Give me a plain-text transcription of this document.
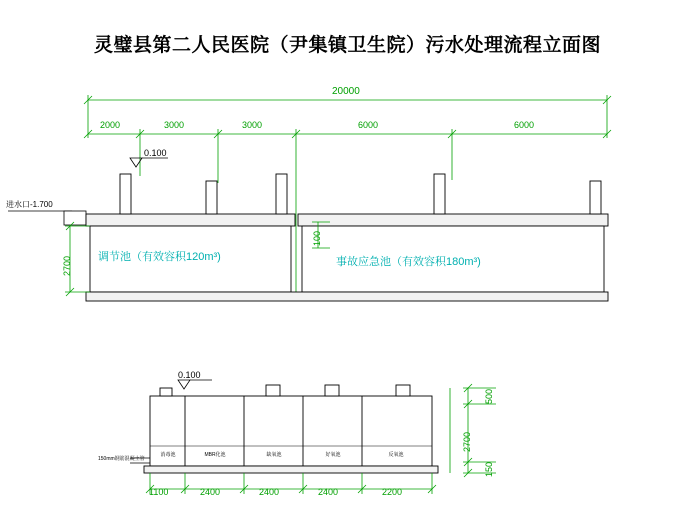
灵璧县第二人民医院（尹集镇卫生院）污水处理流程立面图
20000
2000	3000	3000	6000	6000
0.100
进水口-1.700
2700
100
调节池（有效容积120m³)	事故应急池（有效容积180m³)
0.100
150mm钢筋混凝土管
消毒池	MBR化池	缺氧池	好氧池	反氧池
1100	2400	2400	2400	2200
500
2700
150
